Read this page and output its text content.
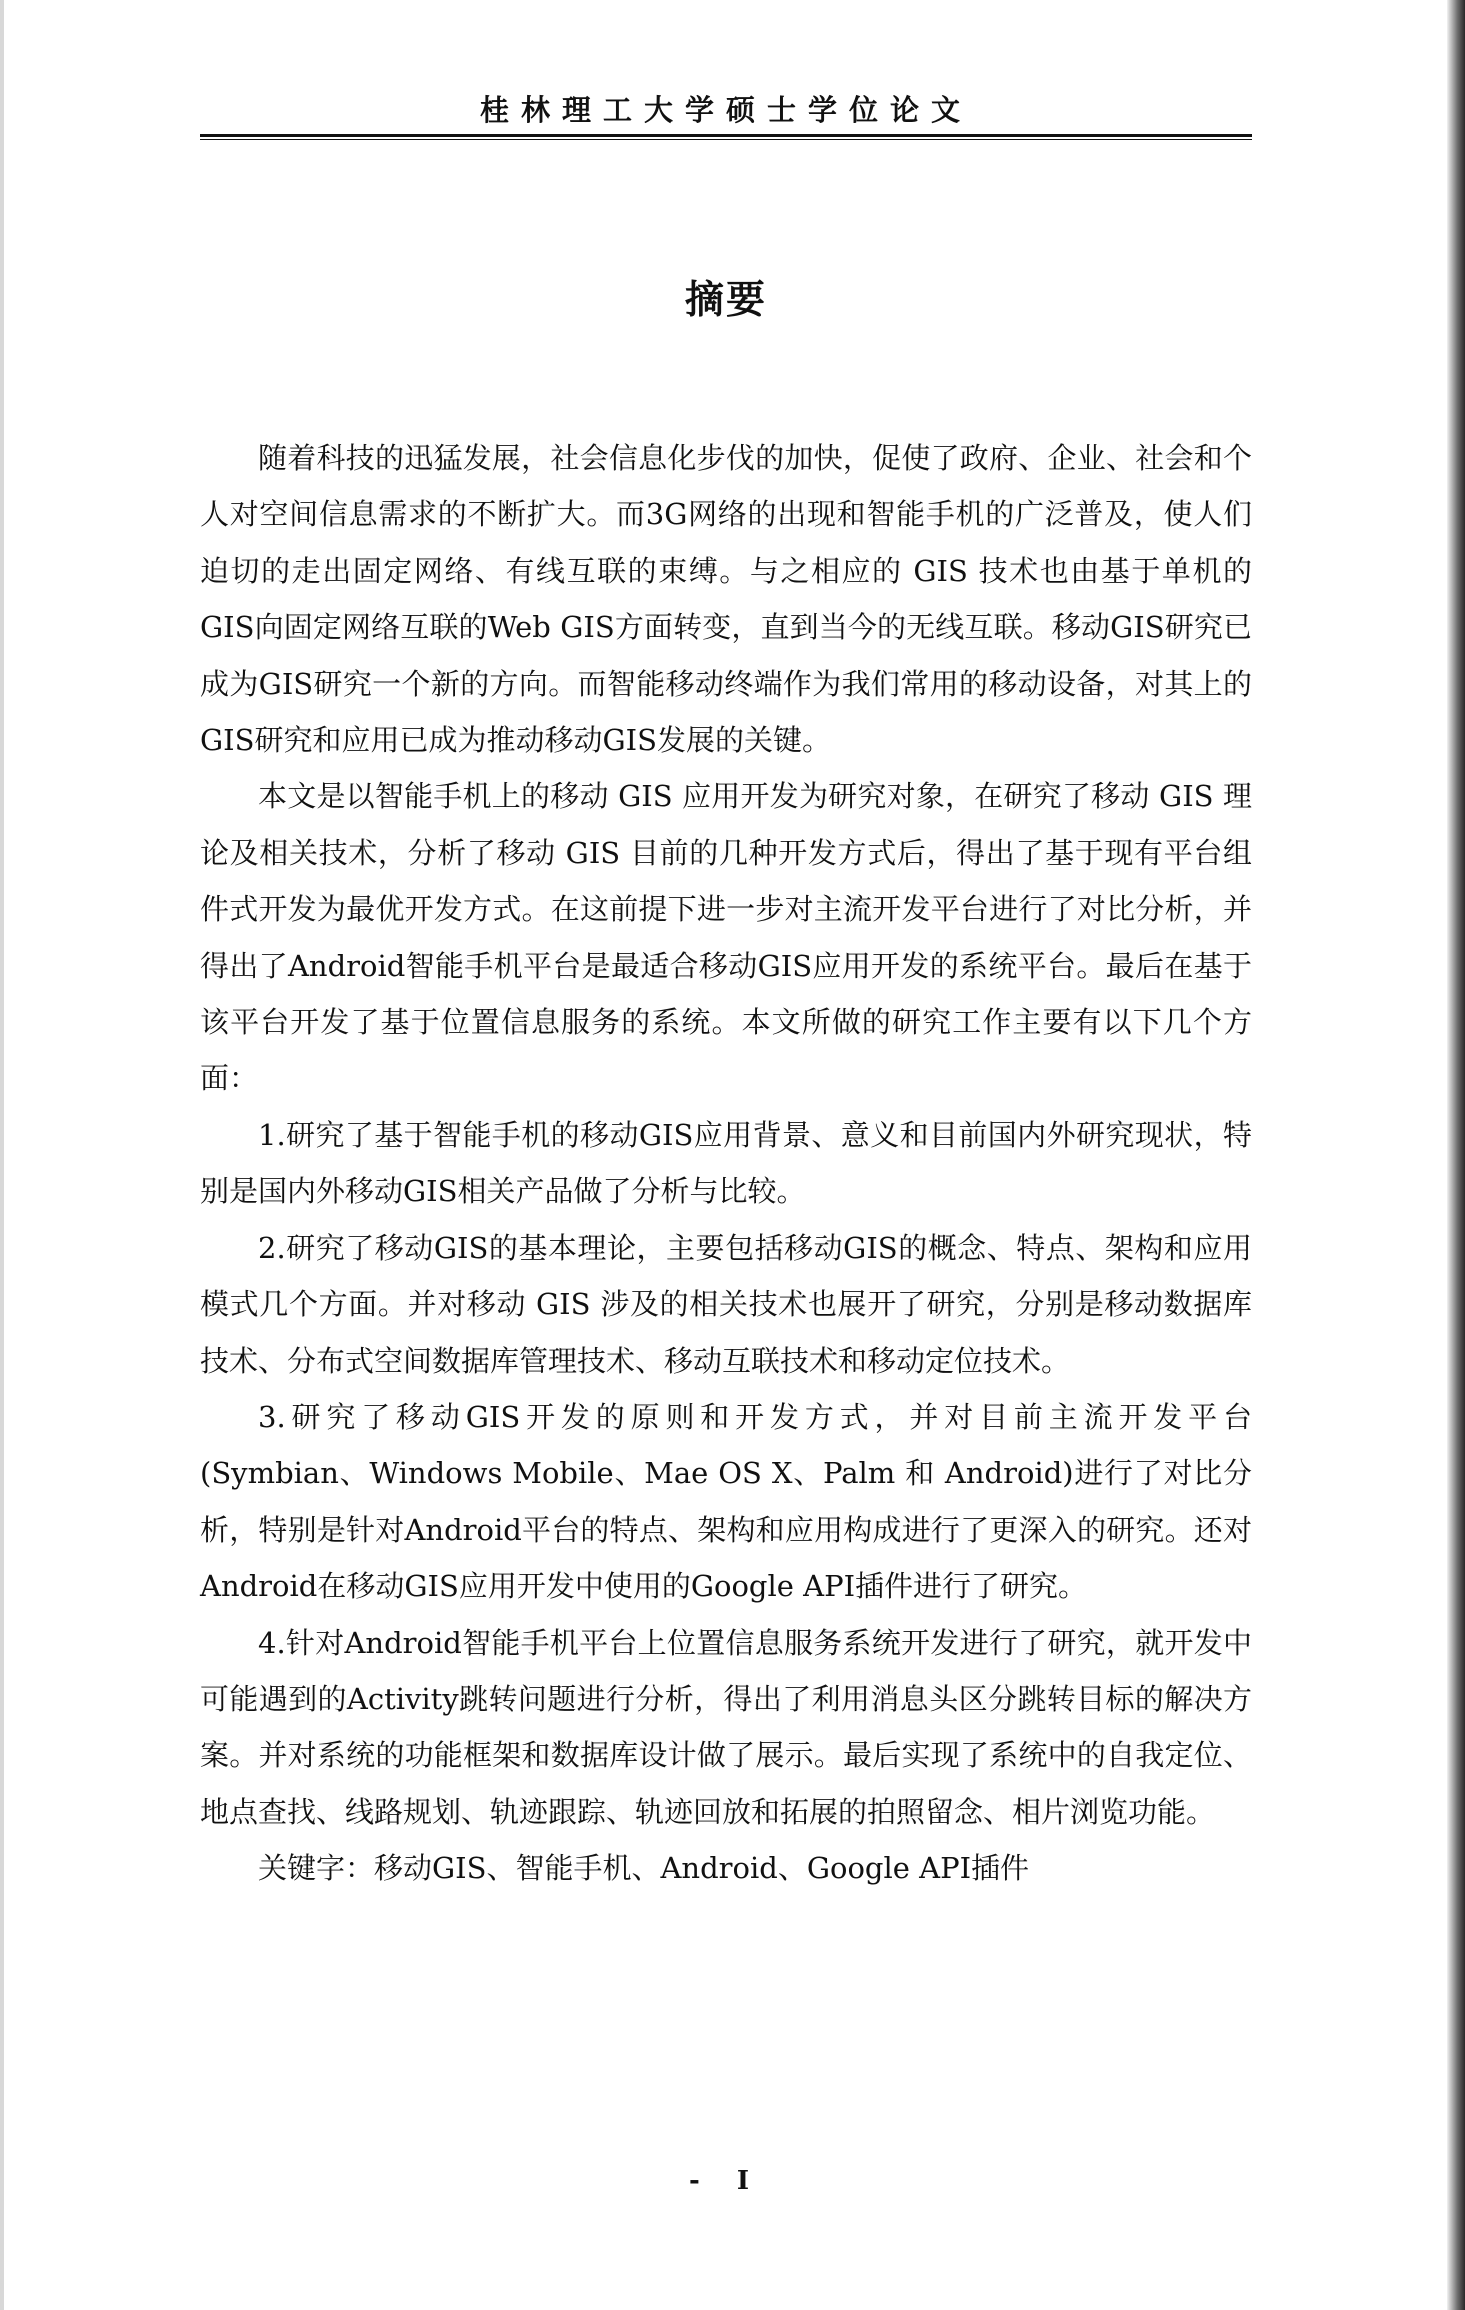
桂林理工大学硕士学位论文
摘要

随着科技的迅猛发展，社会信息化步伐的加快，促使了政府、企业、社会和个人对空间信息需求的不断扩大。而3G网络的出现和智能手机的广泛普及，使人们迫切的走出固定网络、有线互联的束缚。与之相应的 GIS 技术也由基于单机的GIS向固定网络互联的Web GIS方面转变，直到当今的无线互联。移动GIS研究已成为GIS研究一个新的方向。而智能移动终端作为我们常用的移动设备，对其上的GIS研究和应用已成为推动移动GIS发展的关键。

本文是以智能手机上的移动 GIS 应用开发为研究对象，在研究了移动 GIS 理论及相关技术，分析了移动 GIS 目前的几种开发方式后，得出了基于现有平台组件式开发为最优开发方式。在这前提下进一步对主流开发平台进行了对比分析，并得出了Android智能手机平台是最适合移动GIS应用开发的系统平台。最后在基于该平台开发了基于位置信息服务的系统。本文所做的研究工作主要有以下几个方面：

1.研究了基于智能手机的移动GIS应用背景、意义和目前国内外研究现状，特别是国内外移动GIS相关产品做了分析与比较。

2.研究了移动GIS的基本理论，主要包括移动GIS的概念、特点、架构和应用模式几个方面。并对移动 GIS 涉及的相关技术也展开了研究，分别是移动数据库技术、分布式空间数据库管理技术、移动互联技术和移动定位技术。

3.研究了移动GIS开发的原则和开发方式，并对目前主流开发平台(Symbian、Windows Mobile、Mae OS X、Palm 和 Android)进行了对比分析，特别是针对Android平台的特点、架构和应用构成进行了更深入的研究。还对Android在移动GIS应用开发中使用的Google API插件进行了研究。

4.针对Android智能手机平台上位置信息服务系统开发进行了研究，就开发中可能遇到的Activity跳转问题进行分析，得出了利用消息头区分跳转目标的解决方案。并对系统的功能框架和数据库设计做了展示。最后实现了系统中的自我定位、地点查找、线路规划、轨迹跟踪、轨迹回放和拓展的拍照留念、相片浏览功能。

关键字：移动GIS、智能手机、Android、Google API插件

- I
